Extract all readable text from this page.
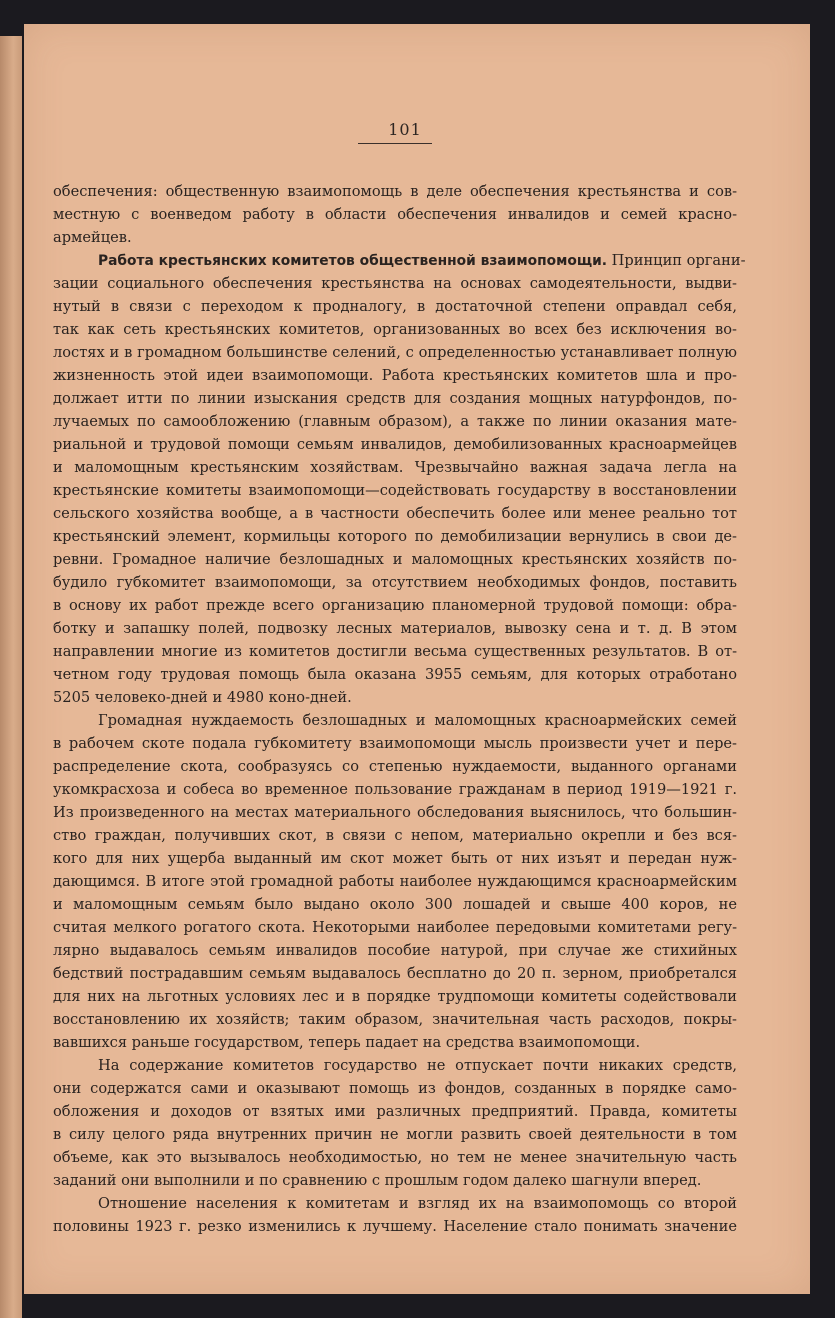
101
обеспечения: общественную взаимопомощь в деле обеспечения крестьянства и сов-
местную с военведом работу в области обеспечения инвалидов и семей красно-
армейцев.
Работа крестьянских комитетов общественной взаимопомощи. Принцип органи-
зации социального обеспечения крестьянства на основах самодеятельности, выдви-
нутый в связи с переходом к продналогу, в достаточной степени оправдал себя,
так как сеть крестьянских комитетов, организованных во всех без исключения во-
лостях и в громадном большинстве селений, с определенностью устанавливает полную
жизненность этой идеи взаимопомощи. Работа крестьянских комитетов шла и про-
должает итти по линии изыскания средств для создания мощных натурфондов, по-
лучаемых по самообложению (главным образом), а также по линии оказания мате-
риальной и трудовой помощи семьям инвалидов, демобилизованных красноармейцев
и маломощным крестьянским хозяйствам. Чрезвычайно важная задача легла на
крестьянские комитеты взаимопомощи—содействовать государству в восстановлении
сельского хозяйства вообще, а в частности обеспечить более или менее реально тот
крестьянский элемент, кормильцы которого по демобилизации вернулись в свои де-
ревни. Громадное наличие безлошадных и маломощных крестьянских хозяйств по-
будило губкомитет взаимопомощи, за отсутствием необходимых фондов, поставить
в основу их работ прежде всего организацию планомерной трудовой помощи: обра-
ботку и запашку полей, подвозку лесных материалов, вывозку сена и т. д. В этом
направлении многие из комитетов достигли весьма существенных результатов. В от-
четном году трудовая помощь была оказана 3955 семьям, для которых отработано
5205 человеко-дней и 4980 коно-дней.
Громадная нуждаемость безлошадных и маломощных красноармейских семей
в рабочем скоте подала губкомитету взаимопомощи мысль произвести учет и пере-
распределение скота, сообразуясь со степенью нуждаемости, выданного органами
укомкрасхоза и собеса во временное пользование гражданам в период 1919—1921 г.
Из произведенного на местах материального обследования выяснилось, что большин-
ство граждан, получивших скот, в связи с непом, материально окрепли и без вся-
кого для них ущерба выданный им скот может быть от них изъят и передан нуж-
дающимся. В итоге этой громадной работы наиболее нуждающимся красноармейским
и маломощным семьям было выдано около 300 лошадей и свыше 400 коров, не
считая мелкого рогатого скота. Некоторыми наиболее передовыми комитетами регу-
лярно выдавалось семьям инвалидов пособие натурой, при случае же стихийных
бедствий пострадавшим семьям выдавалось бесплатно до 20 п. зерном, приобретался
для них на льготных условиях лес и в порядке трудпомощи комитеты содействовали
восстановлению их хозяйств; таким образом, значительная часть расходов, покры-
вавшихся раньше государством, теперь падает на средства взаимопомощи.
На содержание комитетов государство не отпускает почти никаких средств,
они содержатся сами и оказывают помощь из фондов, созданных в порядке само-
обложения и доходов от взятых ими различных предприятий. Правда, комитеты
в силу целого ряда внутренних причин не могли развить своей деятельности в том
объеме, как это вызывалось необходимостью, но тем не менее значительную часть
заданий они выполнили и по сравнению с прошлым годом далеко шагнули вперед.
Отношение населения к комитетам и взгляд их на взаимопомощь со второй
половины 1923 г. резко изменились к лучшему. Население стало понимать значение
